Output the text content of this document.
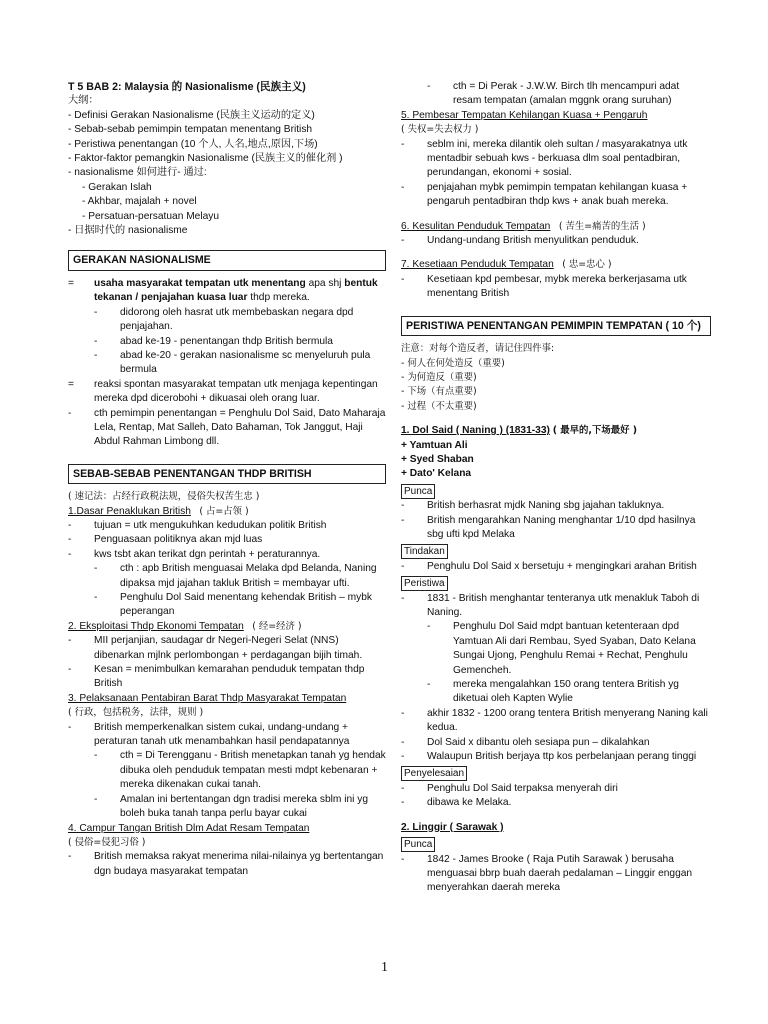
T 5 BAB 2: Malaysia 的 Nasionalisme (民族主义)
大纲：
- Definisi Gerakan Nasionalisme (民族主义运动的定义)
- Sebab-sebab pemimpin tempatan menentang British
- Peristiwa penentangan (10 个人, 人名,地点,原因,下场)
- Faktor-faktor pemangkin Nasionalisme (民族主义的催化剂 )
- nasionalisme 如何进行- 通过:
- Gerakan Islah
- Akhbar, majalah + novel
- Persatuan-persatuan Melayu
- 日据时代的 nasionalisme
GERAKAN NASIONALISME
=	usaha masyarakat tempatan utk menentang apa shj bentuk tekanan / penjajahan kuasa luar thdp mereka.
-	didorong oleh hasrat utk membebaskan negara dpd penjajahan.
-	abad ke-19 - penentangan thdp British bermula
-	abad ke-20 - gerakan nasionalisme sc menyeluruh pula bermula
=	reaksi spontan masyarakat tempatan utk menjaga kepentingan mereka dpd dicerobohi + dikuasai oleh orang luar.
-	cth pemimpin penentangan = Penghulu Dol Said, Dato Maharaja Lela, Rentap, Mat Salleh, Dato Bahaman, Tok Janggut, Haji Abdul Rahman Limbong dll.
SEBAB-SEBAB PENENTANGAN THDP BRITISH
( 速记法：占经行政税法规，侵俗失权苦生忠 )
1.Dasar Penaklukan British ( 占=占领 )
-	tujuan = utk mengukuhkan kedudukan politik British
-	Penguasaan politiknya akan mjd luas
-	kws tsbt akan terikat dgn perintah + peraturannya.
-	cth : apb British menguasai Melaka dpd Belanda, Naning dipaksa mjd jajahan takluk British = membayar ufti.
-	Penghulu Dol Said menentang kehendak British – mybk peperangan
2. Eksploitasi Thdp Ekonomi Tempatan ( 经=经济 )
-	MII perjanjian, saudagar dr Negeri-Negeri Selat (NNS) dibenarkan mjlnk perlombongan + perdagangan bijih timah.
-	Kesan = menimbulkan kemarahan penduduk tempatan thdp British
3. Pelaksanaan Pentabiran Barat Thdp Masyarakat Tempatan
( 行政，包括税务，法律，规则 )
-	British memperkenalkan sistem cukai, undang-undang + peraturan tanah utk menambahkan hasil pendapatannya
-	cth = Di Terengganu - British menetapkan tanah yg hendak dibuka oleh penduduk tempatan mesti mdpt kebenaran + mereka dikenakan cukai tanah.
-	Amalan ini bertentangan dgn tradisi mereka sblm ini yg boleh buka tanah tanpa perlu bayar cukai
4. Campur Tangan British Dlm Adat Resam Tempatan
( 侵俗=侵犯习俗 )
-	British memaksa rakyat menerima nilai-nilainya yg bertentangan dgn budaya masyarakat tempatan
-	cth = Di Perak - J.W.W. Birch tlh mencampuri adat resam tempatan (amalan mggnk orang suruhan)
5. Pembesar Tempatan Kehilangan Kuasa + Pengaruh
( 失权=失去权力 )
-	seblm ini, mereka dilantik oleh sultan / masyarakatnya utk mentadbir sebuah kws - berkuasa dlm soal pentadbiran, perundangan, ekonomi + sosial.
-	penjajahan mybk pemimpin tempatan kehilangan kuasa + pengaruh pentadbiran thdp kws + anak buah mereka.
6. Kesulitan Penduduk Tempatan ( 苦生=痛苦的生活 )
-	Undang-undang British menyulitkan penduduk.
7. Kesetiaan Penduduk Tempatan ( 忠=忠心 )
-	Kesetiaan kpd pembesar, mybk mereka berkerjasama utk menentang British
PERISTIWA PENENTANGAN PEMIMPIN TEMPATAN ( 10 个)
注意：对每个造反者，请记住四件事:
- 何人在何处造反（重要)
- 为何造反（重要)
- 下场（有点重要)
- 过程（不太重要)
1. Dol Said ( Naning ) (1831-33) ( 最早的,下场最好 )
+ Yamtuan Ali
+ Syed Shaban
+ Dato' Kelana
Punca
-	British berhasrat mjdk Naning sbg jajahan takluknya.
-	British mengarahkan Naning menghantar 1/10 dpd hasilnya sbg ufti kpd Melaka
Tindakan
-	Penghulu Dol Said x bersetuju + mengingkari arahan British
Peristiwa
-	1831 - British menghantar tenteranya utk menakluk Taboh di Naning.
-	Penghulu Dol Said mdpt bantuan ketenteraan dpd Yamtuan Ali dari Rembau, Syed Syaban, Dato Kelana Sungai Ujong, Penghulu Remai + Rechat, Penghulu Gemencheh.
-	mereka mengalahkan 150 orang tentera British yg diketuai oleh Kapten Wylie
-	akhir 1832 - 1200 orang tentera British menyerang Naning kali kedua.
-	Dol Said x dibantu oleh sesiapa pun – dikalahkan
-	Walaupun British berjaya ttp kos perbelanjaan perang tinggi
Penyelesaian
-	Penghulu Dol Said terpaksa menyerah diri
-	dibawa ke Melaka.
2. Linggir ( Sarawak )
Punca
-	1842 - James Brooke ( Raja Putih Sarawak ) berusaha menguasai bbrp buah daerah pedalaman – Linggir enggan menyerahkan daerah mereka
1
